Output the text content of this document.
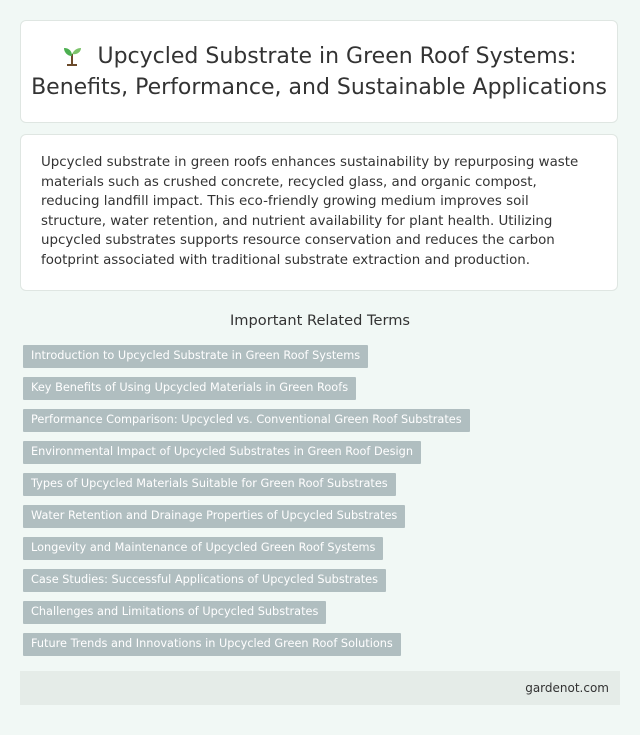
Upcycled Substrate in Green Roof Systems: Benefits, Performance, and Sustainable Applications

Upcycled substrate in green roofs enhances sustainability by repurposing waste materials such as crushed concrete, recycled glass, and organic compost, reducing landfill impact. This eco-friendly growing medium improves soil structure, water retention, and nutrient availability for plant health. Utilizing upcycled substrates supports resource conservation and reduces the carbon footprint associated with traditional substrate extraction and production.

Important Related Terms
Introduction to Upcycled Substrate in Green Roof Systems
Key Benefits of Using Upcycled Materials in Green Roofs
Performance Comparison: Upcycled vs. Conventional Green Roof Substrates
Environmental Impact of Upcycled Substrates in Green Roof Design
Types of Upcycled Materials Suitable for Green Roof Substrates
Water Retention and Drainage Properties of Upcycled Substrates
Longevity and Maintenance of Upcycled Green Roof Systems
Case Studies: Successful Applications of Upcycled Substrates
Challenges and Limitations of Upcycled Substrates
Future Trends and Innovations in Upcycled Green Roof Solutions
gardenot.com
